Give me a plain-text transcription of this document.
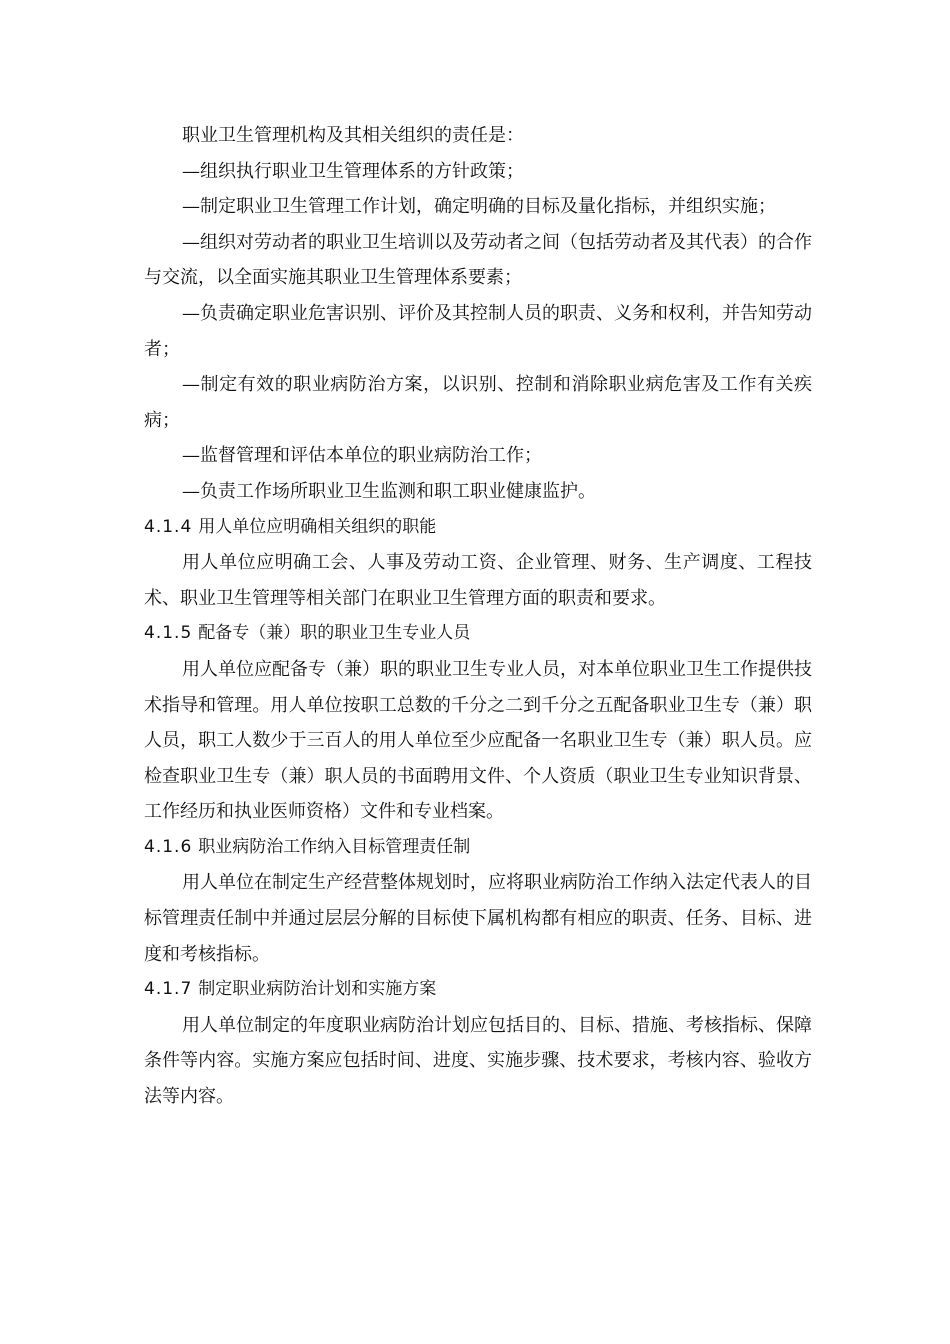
职业卫生管理机构及其相关组织的责任是：

—组织执行职业卫生管理体系的方针政策；

—制定职业卫生管理工作计划，确定明确的目标及量化指标，并组织实施；

—组织对劳动者的职业卫生培训以及劳动者之间（包括劳动者及其代表）的合作与交流，以全面实施其职业卫生管理体系要素；

—负责确定职业危害识别、评价及其控制人员的职责、义务和权利，并告知劳动者；

—制定有效的职业病防治方案，以识别、控制和消除职业病危害及工作有关疾病；

—监督管理和评估本单位的职业病防治工作；

—负责工作场所职业卫生监测和职工职业健康监护。

4.1.4 用人单位应明确相关组织的职能

用人单位应明确工会、人事及劳动工资、企业管理、财务、生产调度、工程技术、职业卫生管理等相关部门在职业卫生管理方面的职责和要求。

4.1.5 配备专（兼）职的职业卫生专业人员

用人单位应配备专（兼）职的职业卫生专业人员，对本单位职业卫生工作提供技术指导和管理。用人单位按职工总数的千分之二到千分之五配备职业卫生专（兼）职人员，职工人数少于三百人的用人单位至少应配备一名职业卫生专（兼）职人员。应检查职业卫生专（兼）职人员的书面聘用文件、个人资质（职业卫生专业知识背景、工作经历和执业医师资格）文件和专业档案。

4.1.6 职业病防治工作纳入目标管理责任制

用人单位在制定生产经营整体规划时，应将职业病防治工作纳入法定代表人的目标管理责任制中并通过层层分解的目标使下属机构都有相应的职责、任务、目标、进度和考核指标。

4.1.7 制定职业病防治计划和实施方案

用人单位制定的年度职业病防治计划应包括目的、目标、措施、考核指标、保障条件等内容。实施方案应包括时间、进度、实施步骤、技术要求，考核内容、验收方法等内容。
